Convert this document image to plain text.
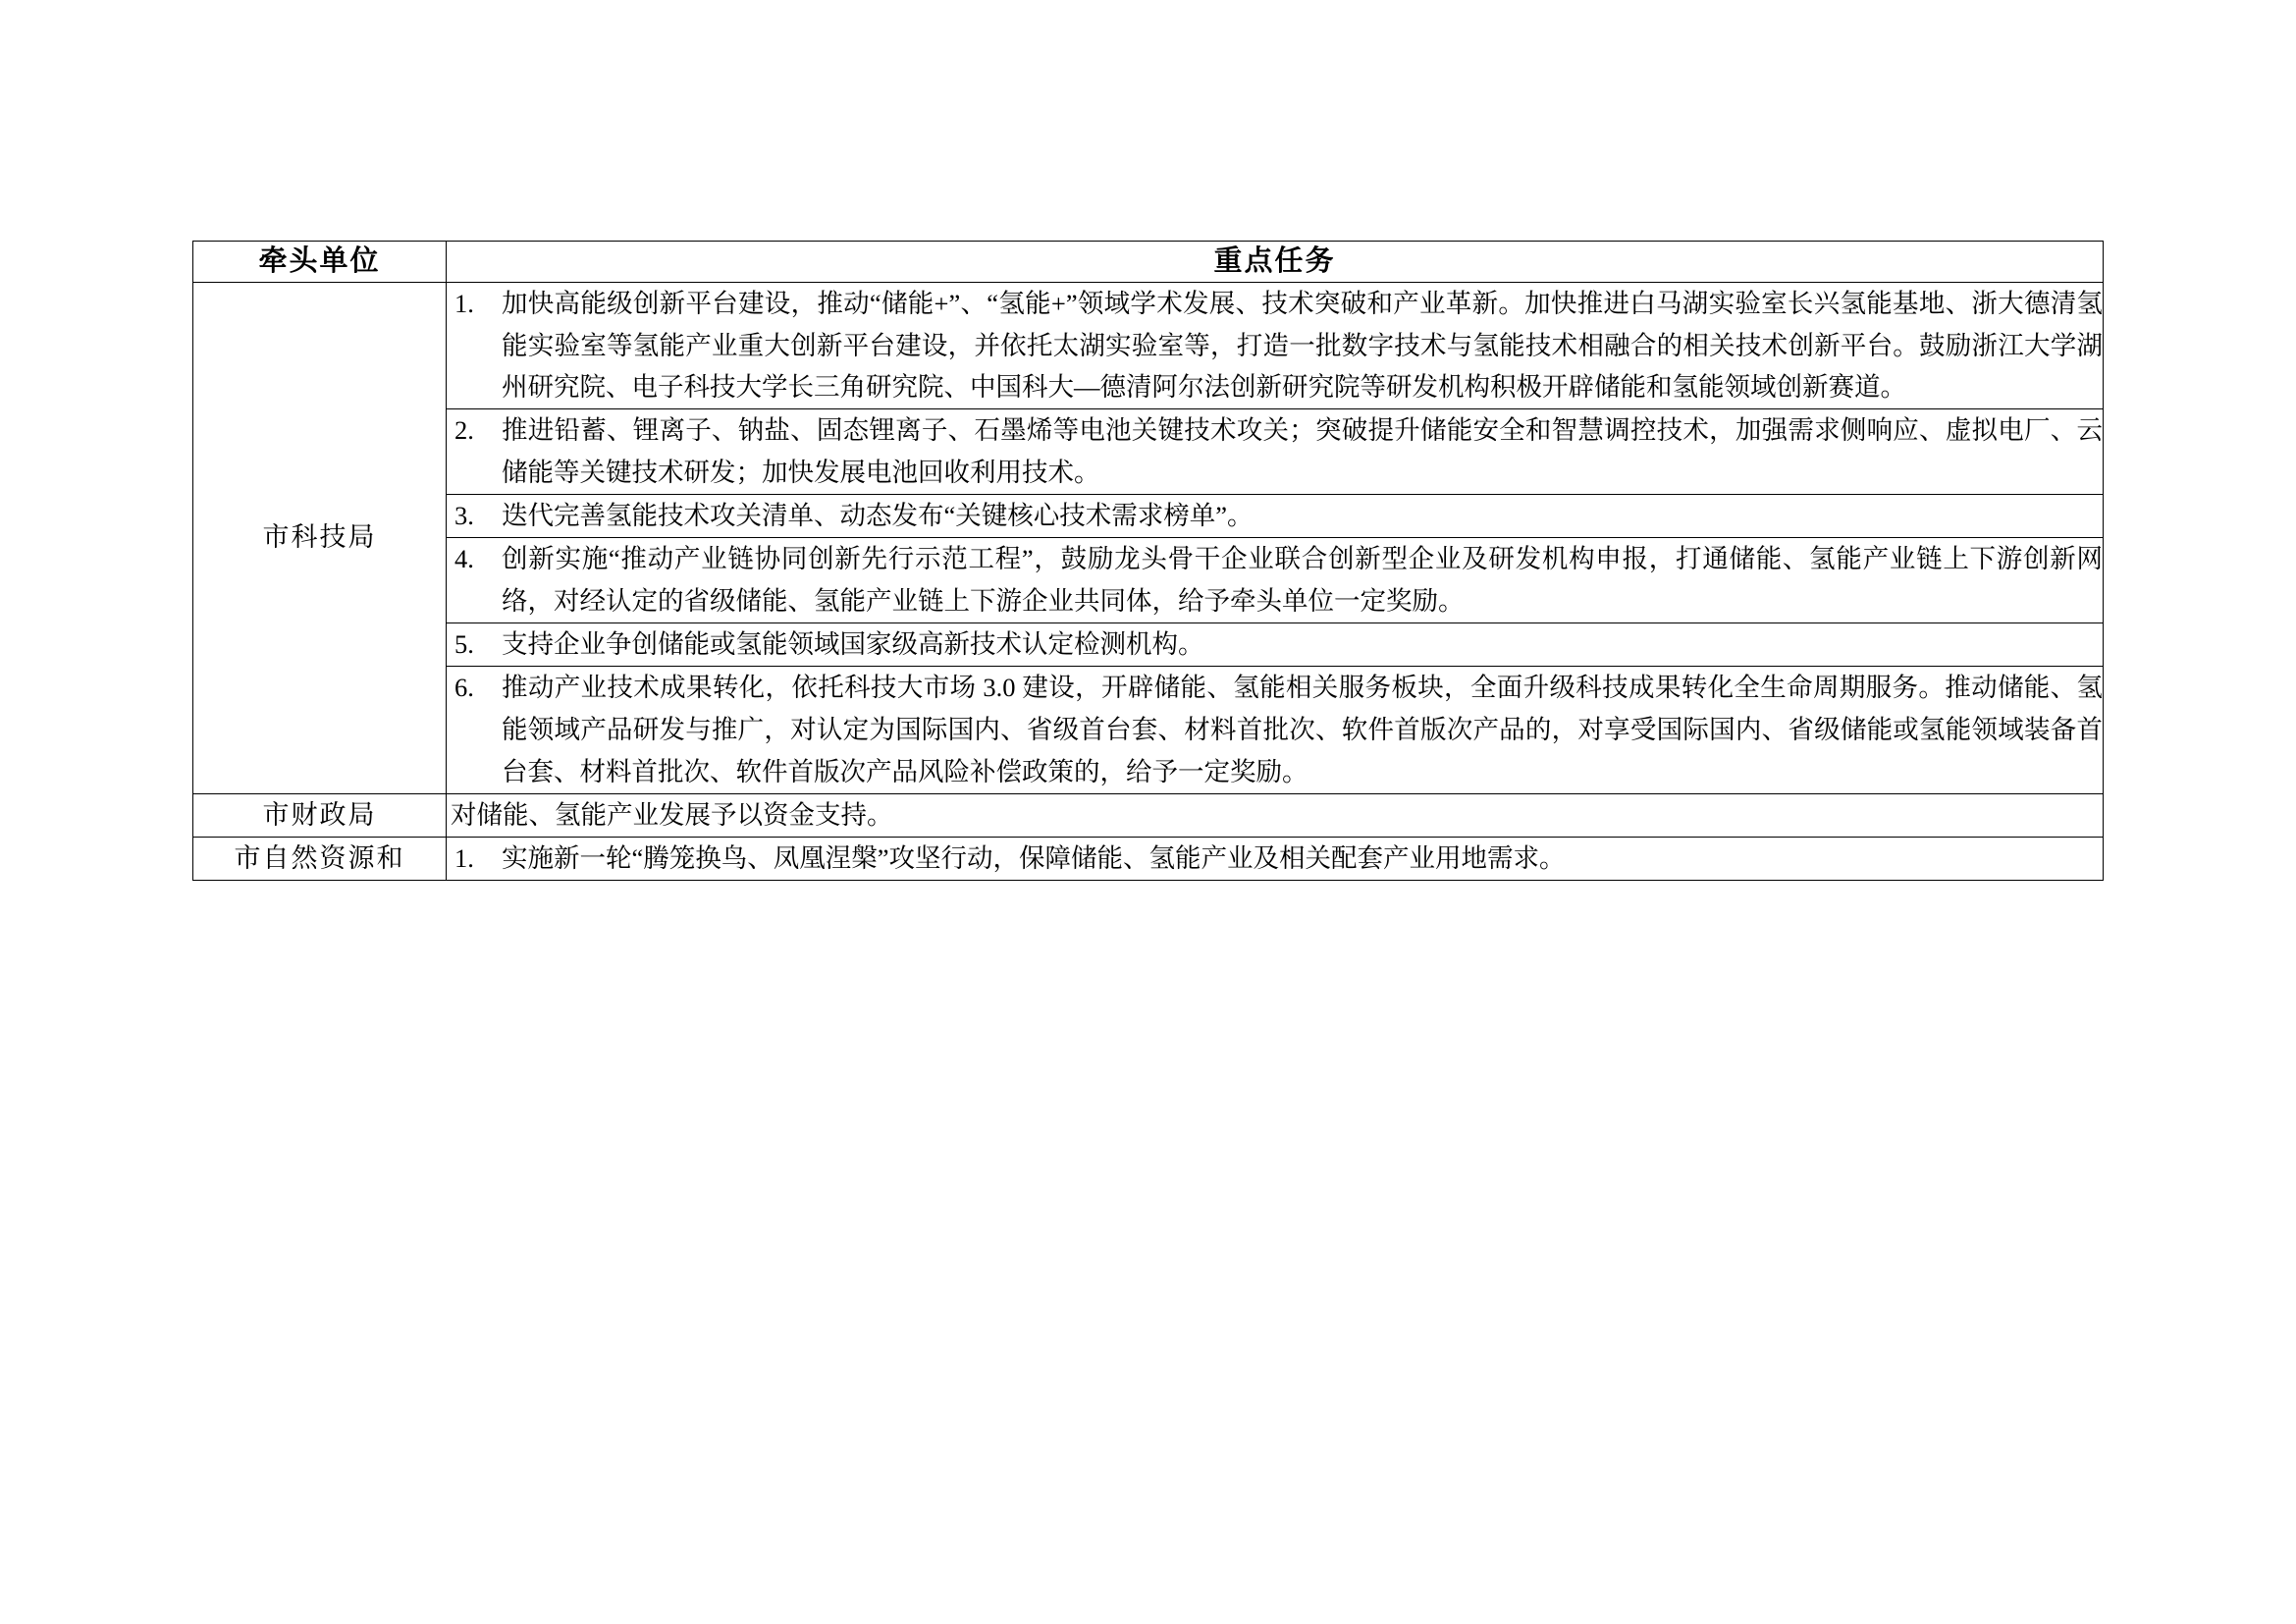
牵头单位	重点任务
市科技局	1. 加快高能级创新平台建设，推动“储能+”、“氢能+”领域学术发展、技术突破和产业革新。加快推进白马湖实验室长兴氢能基地、浙大德清氢能实验室等氢能产业重大创新平台建设，并依托太湖实验室等，打造一批数字技术与氢能技术相融合的相关技术创新平台。鼓励浙江大学湖州研究院、电子科技大学长三角研究院、中国科大—德清阿尔法创新研究院等研发机构积极开辟储能和氢能领域创新赛道。

	2. 推进铅蓄、锂离子、钠盐、固态锂离子、石墨烯等电池关键技术攻关；突破提升储能安全和智慧调控技术，加强需求侧响应、虚拟电厂、云储能等关键技术研发；加快发展电池回收利用技术。

	3. 迭代完善氢能技术攻关清单、动态发布“关键核心技术需求榜单”。

	4. 创新实施“推动产业链协同创新先行示范工程”，鼓励龙头骨干企业联合创新型企业及研发机构申报，打通储能、氢能产业链上下游创新网络，对经认定的省级储能、氢能产业链上下游企业共同体，给予牵头单位一定奖励。

	5. 支持企业争创储能或氢能领域国家级高新技术认定检测机构。

	6. 推动产业技术成果转化，依托科技大市场 3.0 建设，开辟储能、氢能相关服务板块，全面升级科技成果转化全生命周期服务。推动储能、氢能领域产品研发与推广，对认定为国际国内、省级首台套、材料首批次、软件首版次产品的，对享受国际国内、省级储能或氢能领域装备首台套、材料首批次、软件首版次产品风险补偿政策的，给予一定奖励。

市财政局	对储能、氢能产业发展予以资金支持。

市自然资源和	1. 实施新一轮“腾笼换鸟、凤凰涅槃”攻坚行动，保障储能、氢能产业及相关配套产业用地需求。
